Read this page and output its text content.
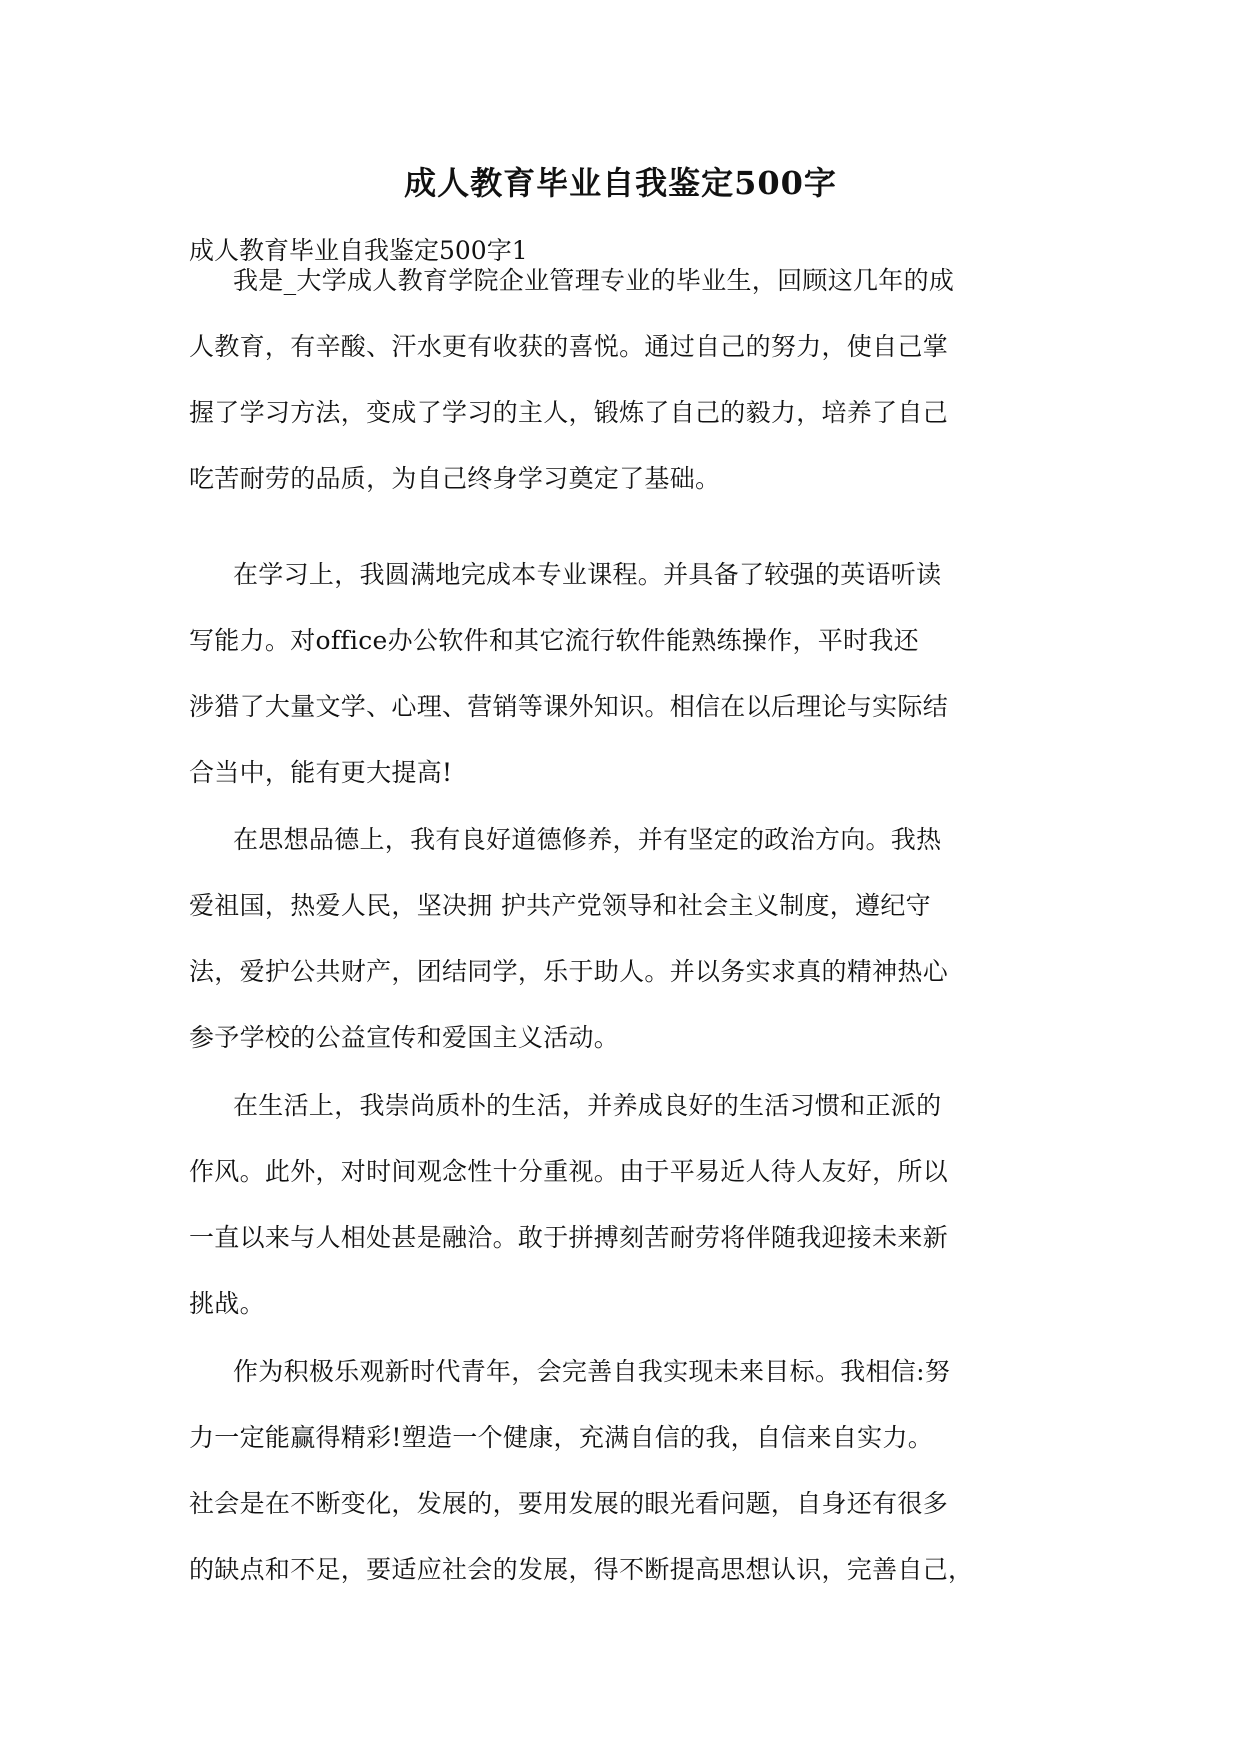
成人教育毕业自我鉴定500字
成人教育毕业自我鉴定500字1
我是_大学成人教育学院企业管理专业的毕业生，回顾这几年的成
人教育，有辛酸、汗水更有收获的喜悦。通过自己的努力，使自己掌
握了学习方法，变成了学习的主人，锻炼了自己的毅力，培养了自己
吃苦耐劳的品质，为自己终身学习奠定了基础。
在学习上，我圆满地完成本专业课程。并具备了较强的英语听读
写能力。对office办公软件和其它流行软件能熟练操作，平时我还
涉猎了大量文学、心理、营销等课外知识。相信在以后理论与实际结
合当中，能有更大提高!
在思想品德上，我有良好道德修养，并有坚定的政治方向。我热
爱祖国，热爱人民，坚决拥 护共产党领导和社会主义制度，遵纪守
法，爱护公共财产，团结同学，乐于助人。并以务实求真的精神热心
参予学校的公益宣传和爱国主义活动。
在生活上，我崇尚质朴的生活，并养成良好的生活习惯和正派的
作风。此外，对时间观念性十分重视。由于平易近人待人友好，所以
一直以来与人相处甚是融洽。敢于拼搏刻苦耐劳将伴随我迎接未来新
挑战。
作为积极乐观新时代青年，会完善自我实现未来目标。我相信:努
力一定能赢得精彩!塑造一个健康，充满自信的我，自信来自实力。
社会是在不断变化，发展的，要用发展的眼光看问题，自身还有很多
的缺点和不足，要适应社会的发展，得不断提高思想认识，完善自己，
